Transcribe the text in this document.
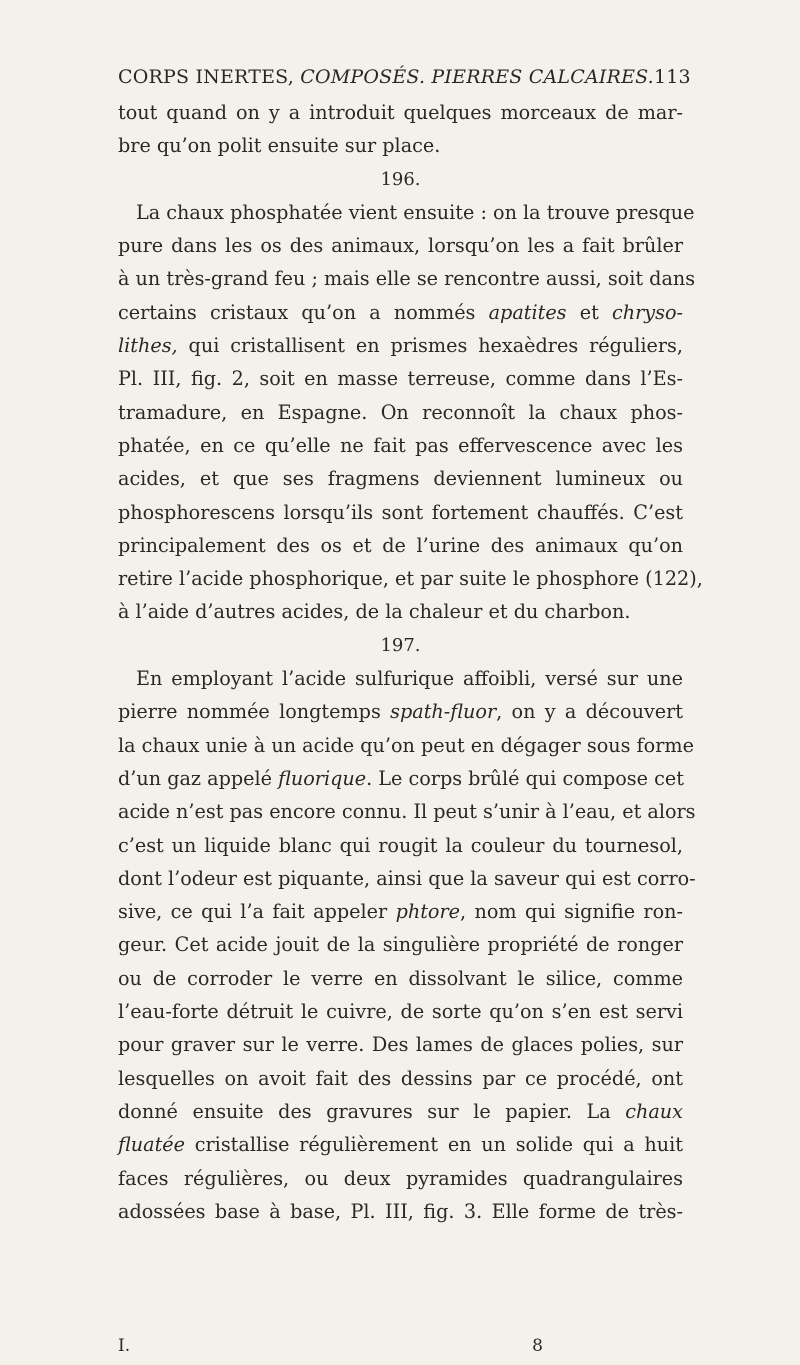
CORPS INERTES, COMPOSÉS. PIERRES CALCAIRES. 113
tout quand on y a introduit quelques morceaux de mar-
bre qu’on polit ensuite sur place.
196.
La chaux phosphatée vient ensuite : on la trouve presque
pure dans les os des animaux, lorsqu’on les a fait brûler
à un très-grand feu ; mais elle se rencontre aussi, soit dans
certains cristaux qu’on a nommés apatites et chryso-
lithes, qui cristallisent en prismes hexaèdres réguliers,
Pl. III, fig. 2, soit en masse terreuse, comme dans l’Es-
tramadure, en Espagne. On reconnoît la chaux phos-
phatée, en ce qu’elle ne fait pas effervescence avec les
acides, et que ses fragmens deviennent lumineux ou
phosphorescens lorsqu’ils sont fortement chauffés. C’est
principalement des os et de l’urine des animaux qu’on
retire l’acide phosphorique, et par suite le phosphore (122),
à l’aide d’autres acides, de la chaleur et du charbon.
197.
En employant l’acide sulfurique affoibli, versé sur une
pierre nommée longtemps spath-fluor, on y a découvert
la chaux unie à un acide qu’on peut en dégager sous forme
d’un gaz appelé fluorique. Le corps brûlé qui compose cet
acide n’est pas encore connu. Il peut s’unir à l’eau, et alors
c’est un liquide blanc qui rougit la couleur du tournesol,
dont l’odeur est piquante, ainsi que la saveur qui est corro-
sive, ce qui l’a fait appeler phtore, nom qui signifie ron-
geur. Cet acide jouit de la singulière propriété de ronger
ou de corroder le verre en dissolvant le silice, comme
l’eau-forte détruit le cuivre, de sorte qu’on s’en est servi
pour graver sur le verre. Des lames de glaces polies, sur
lesquelles on avoit fait des dessins par ce procédé, ont
donné ensuite des gravures sur le papier. La chaux
fluatée cristallise régulièrement en un solide qui a huit
faces régulières, ou deux pyramides quadrangulaires
adossées base à base, Pl. III, fig. 3. Elle forme de très-
I.	8
